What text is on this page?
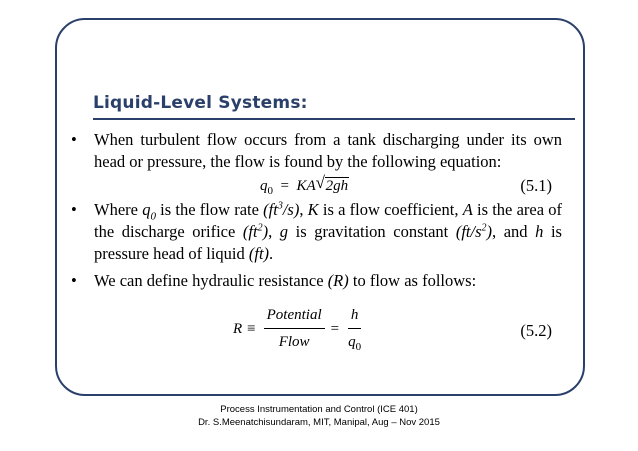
Liquid-Level Systems:
• When turbulent flow occurs from a tank discharging under its own head or pressure, the flow is found by the following equation:
$q_0$ = KA √ 2gh	(5.1)
• Where $q_0$ is the flow rate $(ft^3/s)$, K is a flow coefficient, A is the area of the discharge orifice $(ft^2)$, g is gravitation constant $(ft/s^2)$, and h is pressure head of liquid (ft).
• We can define hydraulic resistance (R) to flow as follows:
$R \equiv \frac{\text{Potential}}{\text{Flow}} = \frac{h}{q_0}$	(5.2)
Process Instrumentation and Control (ICE 401)
Dr. S.Meenatchisundaram, MIT, Manipal, Aug – Nov 2015
